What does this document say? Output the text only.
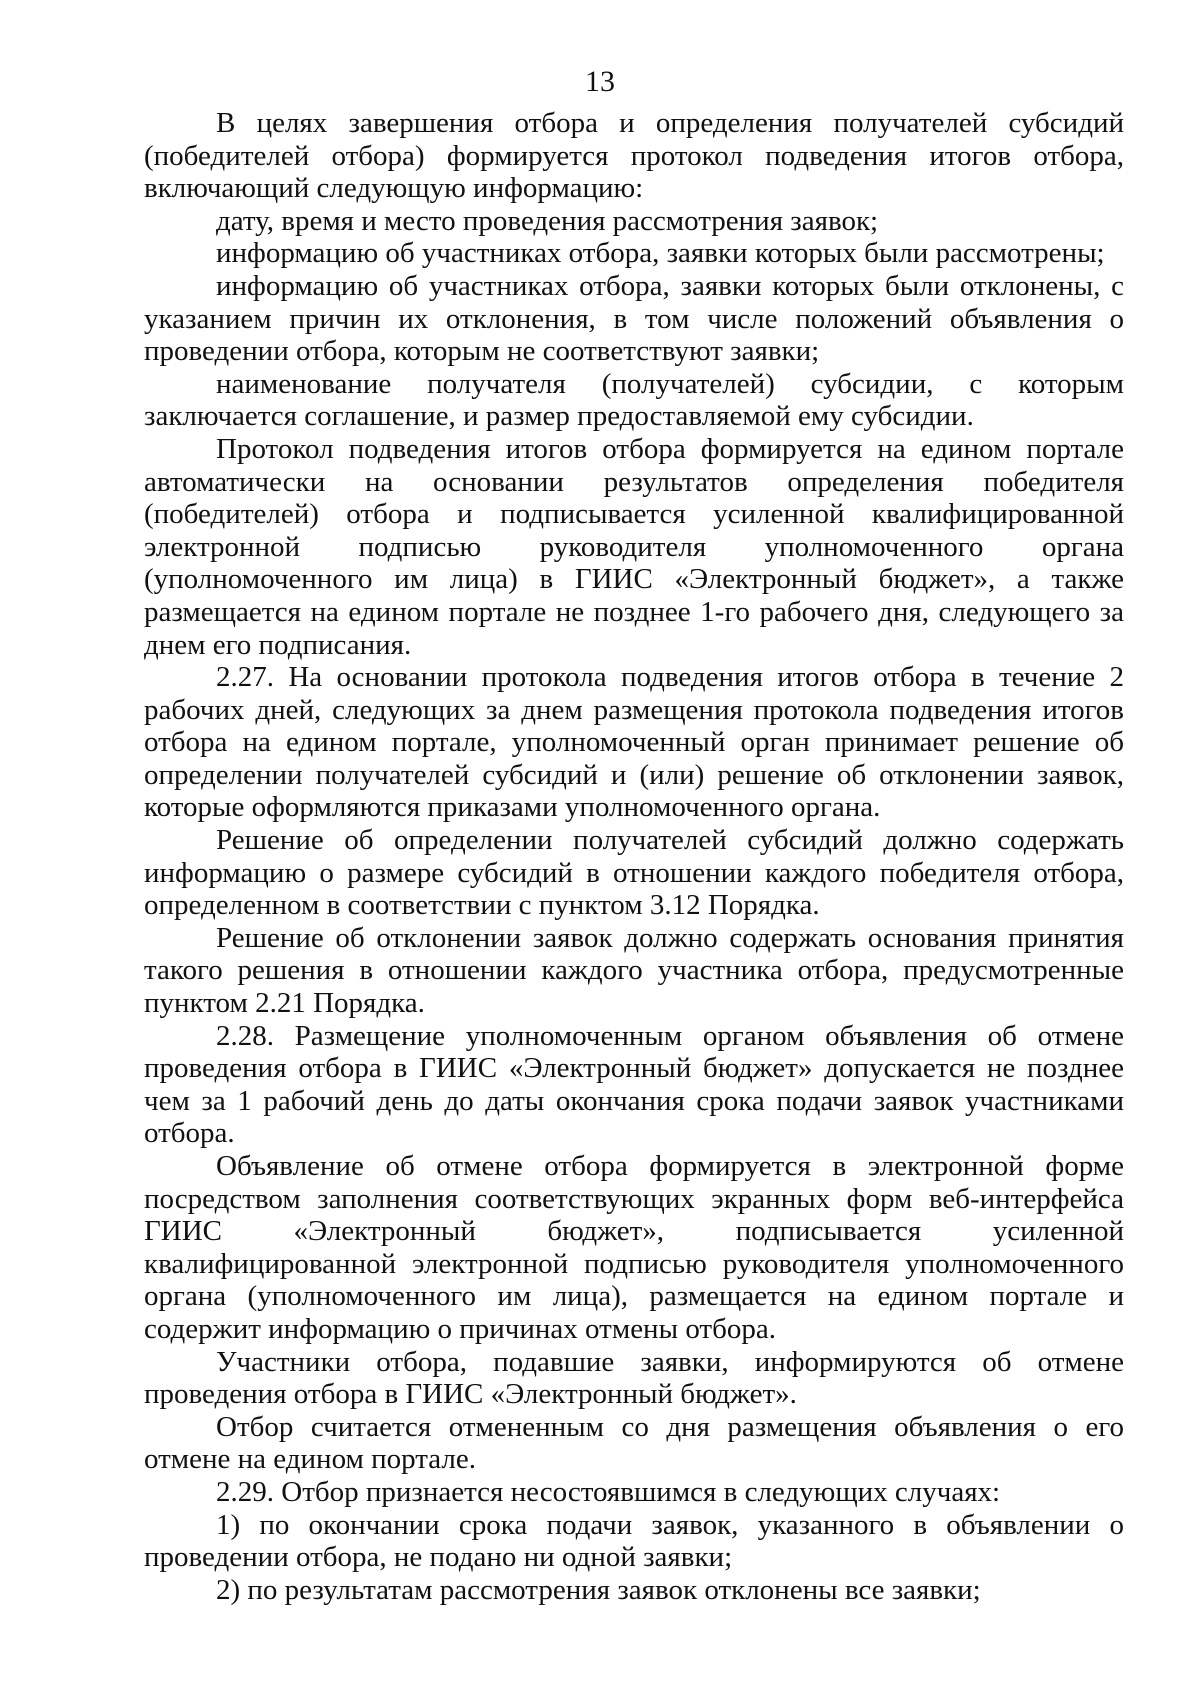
13

В целях завершения отбора и определения получателей субсидий (победителей отбора) формируется протокол подведения итогов отбора, включающий следующую информацию:

дату, время и место проведения рассмотрения заявок;

информацию об участниках отбора, заявки которых были рассмотрены;

информацию об участниках отбора, заявки которых были отклонены, с указанием причин их отклонения, в том числе положений объявления о проведении отбора, которым не соответствуют заявки;

наименование получателя (получателей) субсидии, с которым заключается соглашение, и размер предоставляемой ему субсидии.

Протокол подведения итогов отбора формируется на едином портале автоматически на основании результатов определения победителя (победителей) отбора и подписывается усиленной квалифицированной электронной подписью руководителя уполномоченного органа (уполномоченного им лица) в ГИИС «Электронный бюджет», а также размещается на едином портале не позднее 1-го рабочего дня, следующего за днем его подписания.

2.27. На основании протокола подведения итогов отбора в течение 2 рабочих дней, следующих за днем размещения протокола подведения итогов отбора на едином портале, уполномоченный орган принимает решение об определении получателей субсидий и (или) решение об отклонении заявок, которые оформляются приказами уполномоченного органа.

Решение об определении получателей субсидий должно содержать информацию о размере субсидий в отношении каждого победителя отбора, определенном в соответствии с пунктом 3.12 Порядка.

Решение об отклонении заявок должно содержать основания принятия такого решения в отношении каждого участника отбора, предусмотренные пунктом 2.21 Порядка.

2.28. Размещение уполномоченным органом объявления об отмене проведения отбора в ГИИС «Электронный бюджет» допускается не позднее чем за 1 рабочий день до даты окончания срока подачи заявок участниками отбора.

Объявление об отмене отбора формируется в электронной форме посредством заполнения соответствующих экранных форм веб-интерфейса ГИИС «Электронный бюджет», подписывается усиленной квалифицированной электронной подписью руководителя уполномоченного органа (уполномоченного им лица), размещается на едином портале и содержит информацию о причинах отмены отбора.

Участники отбора, подавшие заявки, информируются об отмене проведения отбора в ГИИС «Электронный бюджет».

Отбор считается отмененным со дня размещения объявления о его отмене на едином портале.

2.29. Отбор признается несостоявшимся в следующих случаях:

1) по окончании срока подачи заявок, указанного в объявлении о проведении отбора, не подано ни одной заявки;

2) по результатам рассмотрения заявок отклонены все заявки;
